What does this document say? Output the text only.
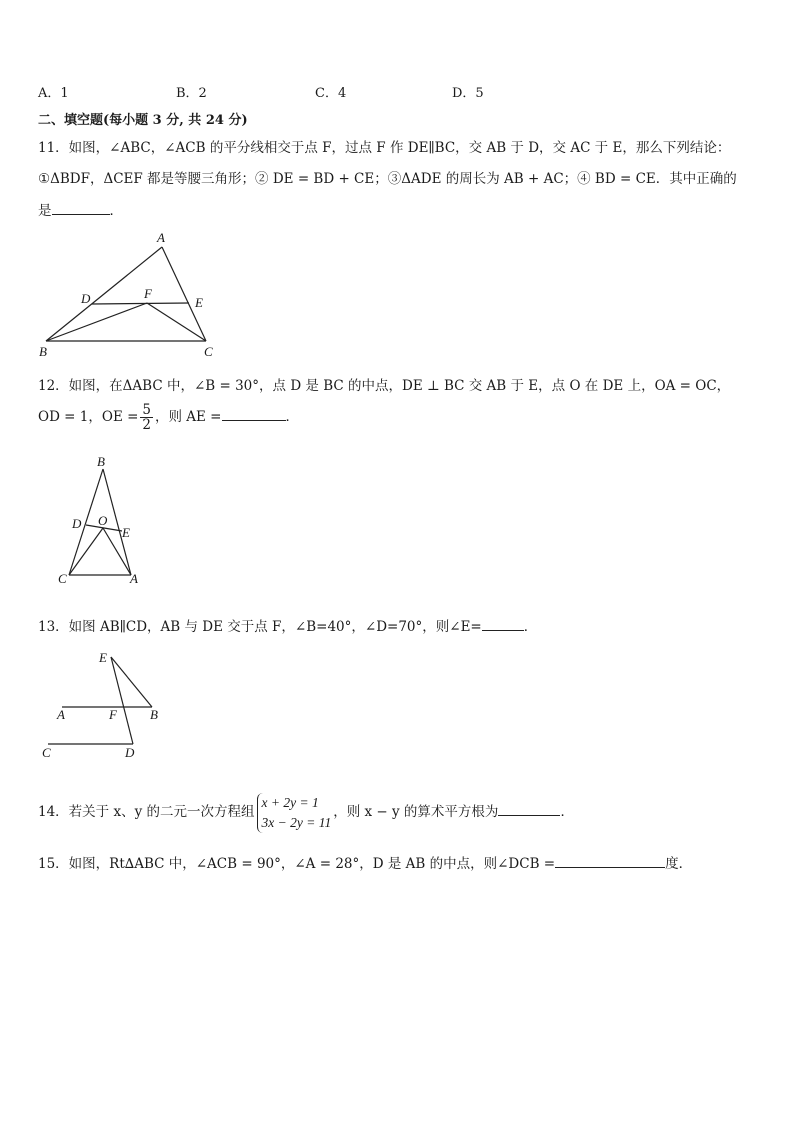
A．1	B．2	C．4	D．5
二、填空题(每小题 3 分, 共 24 分)
11．如图，∠ABC，∠ACB 的平分线相交于点 F，过点 F 作 DE∥BC，交 AB 于 D，交 AC 于 E，那么下列结论：
①ΔBDF，ΔCEF 都是等腰三角形；② DE = BD + CE；③ΔADE 的周长为 AB + AC；④ BD = CE．其中正确的
是	．
A
D	F
E
B	C
12．如图，在ΔABC 中，∠B = 30°，点 D 是 BC 的中点，DE ⊥ BC 交 AB 于 E，点 O 在 DE 上，OA = OC，
OD = 1，OE = $\frac{5}{2}$ ，则 AE =	．
B
D O
E
C	A
13．如图 AB∥CD，AB 与 DE 交于点 F，∠B=40°，∠D=70°，则∠E=	．
E
A	F	B
C	D
14．若关于 x、y 的二元一次方程组
x + 2y = 1
3x − 2y = 11
，则 x − y 的算术平方根为	．
15．如图，Rt∆ABC 中，∠ACB = 90°，∠A = 28°，D 是 AB 的中点，则∠DCB =	度．
